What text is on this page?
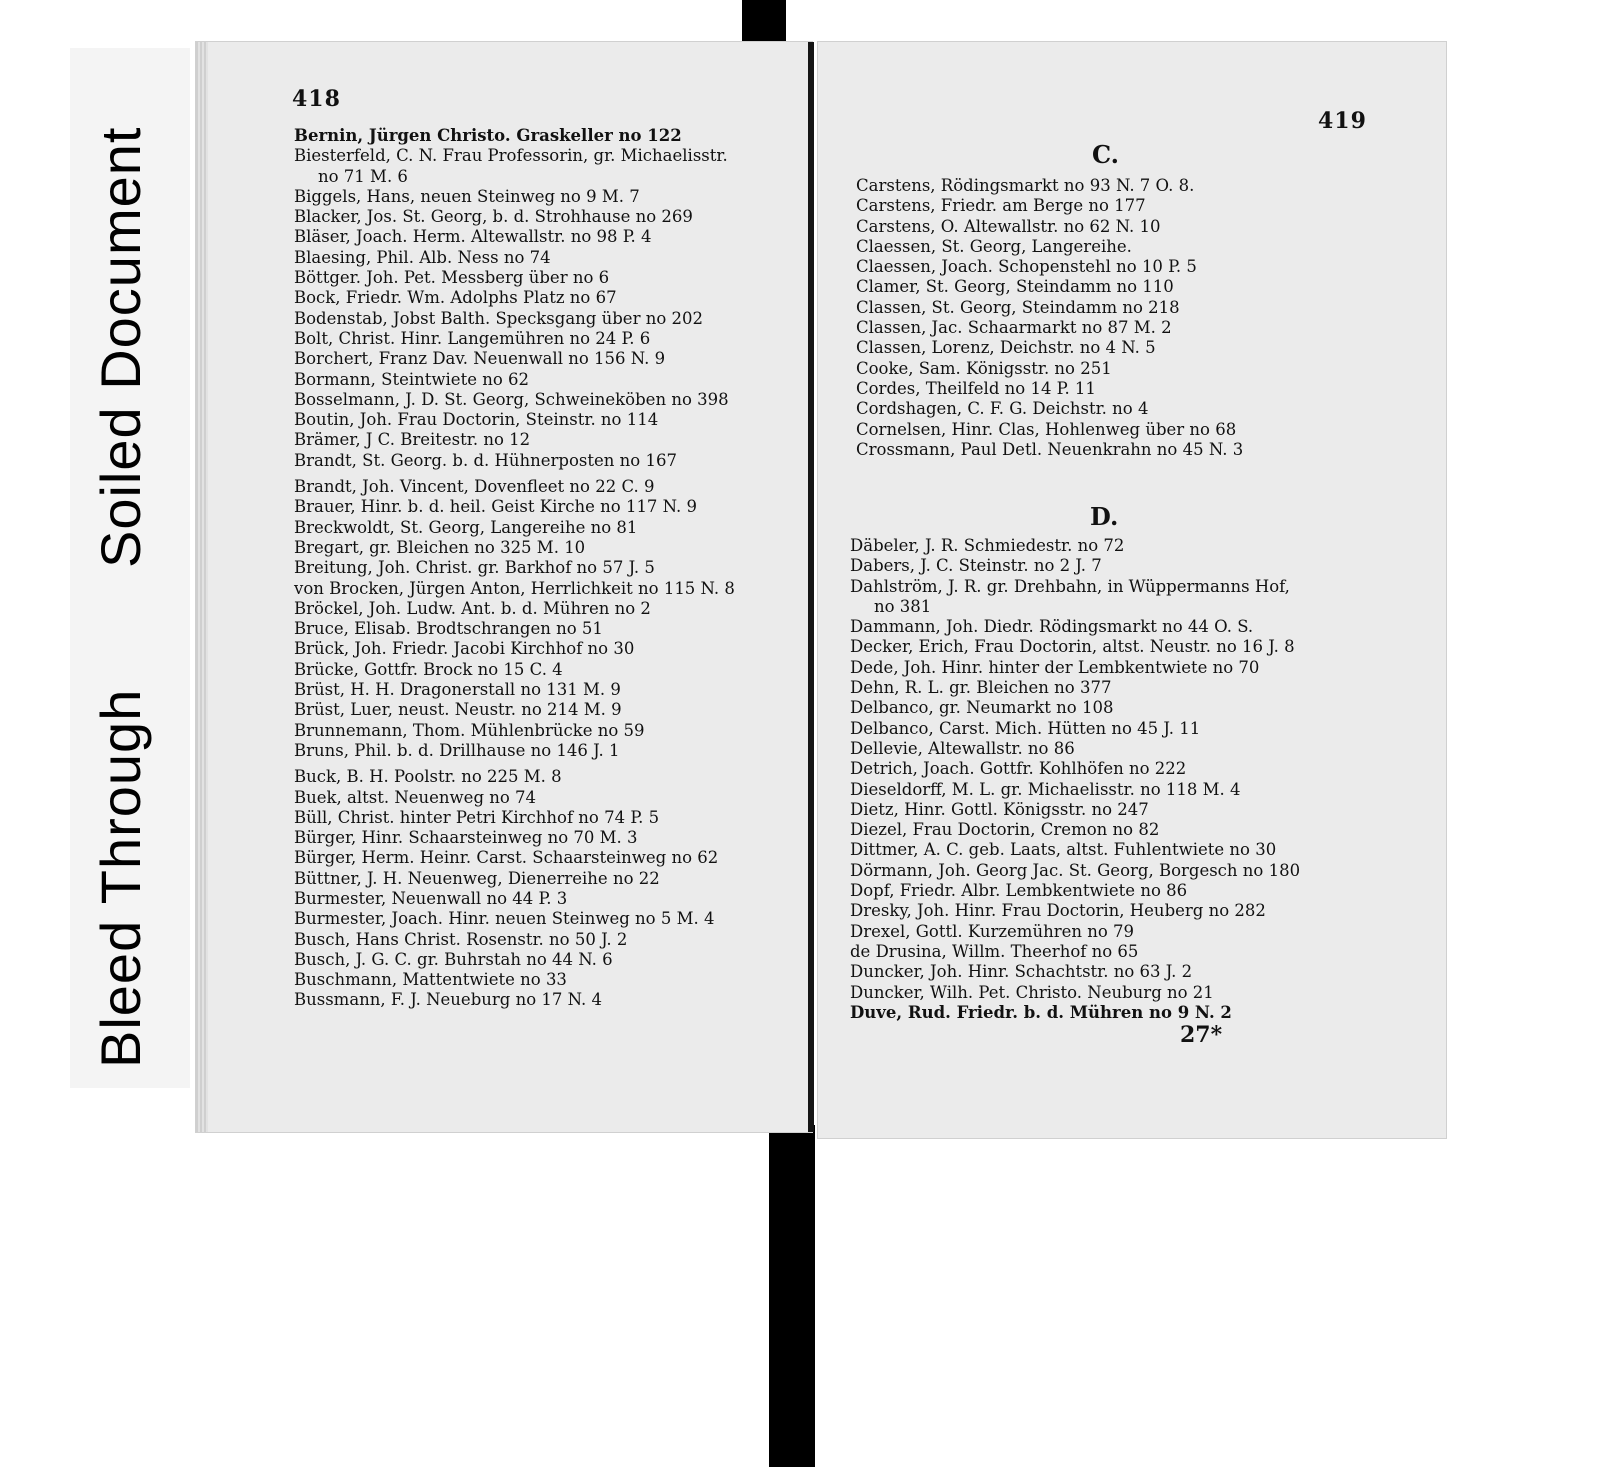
Bleed Through
Soiled Document
418
Bernin, Jürgen Christo. Graskeller no 122
Biesterfeld, C. N. Frau Professorin, gr. Michaelisstr.
no 71 M. 6
Biggels, Hans, neuen Steinweg no 9 M. 7
Blacker, Jos. St. Georg, b. d. Strohhause no 269
Bläser, Joach. Herm. Altewallstr. no 98 P. 4
Blaesing, Phil. Alb. Ness no 74
Böttger. Joh. Pet. Messberg über no 6
Bock, Friedr. Wm. Adolphs Platz no 67
Bodenstab, Jobst Balth. Specksgang über no 202
Bolt, Christ. Hinr. Langemühren no 24 P. 6
Borchert, Franz Dav. Neuenwall no 156 N. 9
Bormann, Steintwiete no 62
Bosselmann, J. D. St. Georg, Schweineköben no 398
Boutin, Joh. Frau Doctorin, Steinstr. no 114
Brämer, J C. Breitestr. no 12
Brandt, St. Georg. b. d. Hühnerposten no 167
Brandt, Joh. Vincent, Dovenfleet no 22 C. 9
Brauer, Hinr. b. d. heil. Geist Kirche no 117 N. 9
Breckwoldt, St. Georg, Langereihe no 81
Bregart, gr. Bleichen no 325 M. 10
Breitung, Joh. Christ. gr. Barkhof no 57 J. 5
von Brocken, Jürgen Anton, Herrlichkeit no 115 N. 8
Bröckel, Joh. Ludw. Ant. b. d. Mühren no 2
Bruce, Elisab. Brodtschrangen no 51
Brück, Joh. Friedr. Jacobi Kirchhof no 30
Brücke, Gottfr. Brock no 15 C. 4
Brüst, H. H. Dragonerstall no 131 M. 9
Brüst, Luer, neust. Neustr. no 214 M. 9
Brunnemann, Thom. Mühlenbrücke no 59
Bruns, Phil. b. d. Drillhause no 146 J. 1
Buck, B. H. Poolstr. no 225 M. 8
Buek, altst. Neuenweg no 74
Büll, Christ. hinter Petri Kirchhof no 74 P. 5
Bürger, Hinr. Schaarsteinweg no 70 M. 3
Bürger, Herm. Heinr. Carst. Schaarsteinweg no 62
Büttner, J. H. Neuenweg, Dienerreihe no 22
Burmester, Neuenwall no 44 P. 3
Burmester, Joach. Hinr. neuen Steinweg no 5 M. 4
Busch, Hans Christ. Rosenstr. no 50 J. 2
Busch, J. G. C. gr. Buhrstah no 44 N. 6
Buschmann, Mattentwiete no 33
Bussmann, F. J. Neueburg no 17 N. 4
419
C.
Carstens, Rödingsmarkt no 93 N. 7 O. 8.
Carstens, Friedr. am Berge no 177
Carstens, O. Altewallstr. no 62 N. 10
Claessen, St. Georg, Langereihe.
Claessen, Joach. Schopenstehl no 10 P. 5
Clamer, St. Georg, Steindamm no 110
Classen, St. Georg, Steindamm no 218
Classen, Jac. Schaarmarkt no 87 M. 2
Classen, Lorenz, Deichstr. no 4 N. 5
Cooke, Sam. Königsstr. no 251
Cordes, Theilfeld no 14 P. 11
Cordshagen, C. F. G. Deichstr. no 4
Cornelsen, Hinr. Clas, Hohlenweg über no 68
Crossmann, Paul Detl. Neuenkrahn no 45 N. 3
D.
Däbeler, J. R. Schmiedestr. no 72
Dabers, J. C. Steinstr. no 2 J. 7
Dahlström, J. R. gr. Drehbahn, in Wüppermanns Hof,
no 381
Dammann, Joh. Diedr. Rödingsmarkt no 44 O. S.
Decker, Erich, Frau Doctorin, altst. Neustr. no 16 J. 8
Dede, Joh. Hinr. hinter der Lembkentwiete no 70
Dehn, R. L. gr. Bleichen no 377
Delbanco, gr. Neumarkt no 108
Delbanco, Carst. Mich. Hütten no 45 J. 11
Dellevie, Altewallstr. no 86
Detrich, Joach. Gottfr. Kohlhöfen no 222
Dieseldorff, M. L. gr. Michaelisstr. no 118 M. 4
Dietz, Hinr. Gottl. Königsstr. no 247
Diezel, Frau Doctorin, Cremon no 82
Dittmer, A. C. geb. Laats, altst. Fuhlentwiete no 30
Dörmann, Joh. Georg Jac. St. Georg, Borgesch no 180
Dopf, Friedr. Albr. Lembkentwiete no 86
Dresky, Joh. Hinr. Frau Doctorin, Heuberg no 282
Drexel, Gottl. Kurzemühren no 79
de Drusina, Willm. Theerhof no 65
Duncker, Joh. Hinr. Schachtstr. no 63 J. 2
Duncker, Wilh. Pet. Christo. Neuburg no 21
Duve, Rud. Friedr. b. d. Mühren no 9 N. 2
27*
